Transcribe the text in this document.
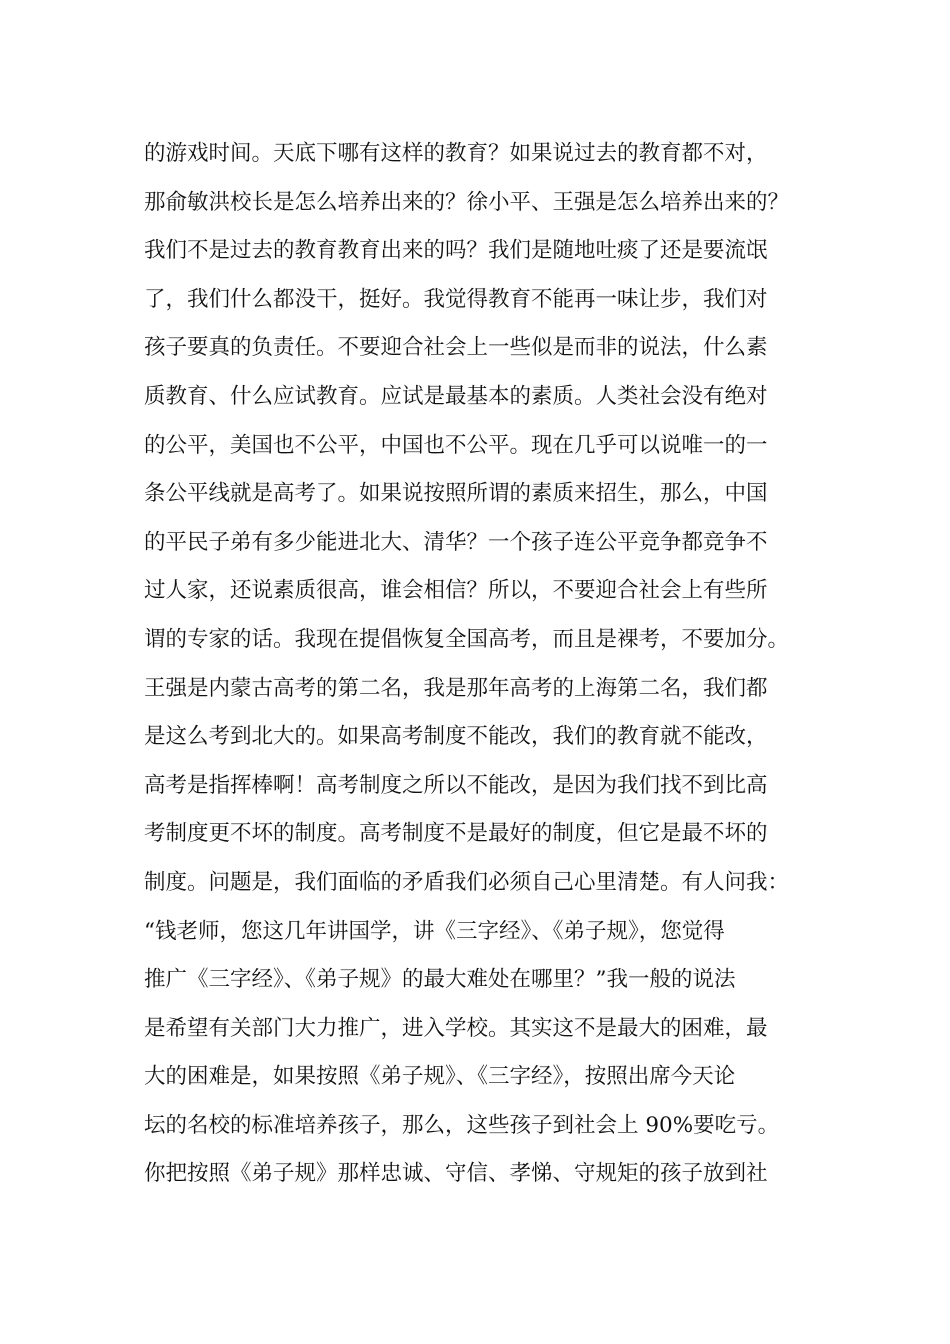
的游戏时间。天底下哪有这样的教育？如果说过去的教育都不对，
那俞敏洪校长是怎么培养出来的？徐小平、王强是怎么培养出来的？
我们不是过去的教育教育出来的吗？我们是随地吐痰了还是要流氓
了，我们什么都没干，挺好。我觉得教育不能再一味让步，我们对
孩子要真的负责任。不要迎合社会上一些似是而非的说法，什么素
质教育、什么应试教育。应试是最基本的素质。人类社会没有绝对
的公平，美国也不公平，中国也不公平。现在几乎可以说唯一的一
条公平线就是高考了。如果说按照所谓的素质来招生，那么，中国
的平民子弟有多少能进北大、清华？一个孩子连公平竞争都竞争不
过人家，还说素质很高，谁会相信？所以，不要迎合社会上有些所
谓的专家的话。我现在提倡恢复全国高考，而且是裸考，不要加分。
王强是内蒙古高考的第二名，我是那年高考的上海第二名，我们都
是这么考到北大的。如果高考制度不能改，我们的教育就不能改，
高考是指挥棒啊！高考制度之所以不能改，是因为我们找不到比高
考制度更不坏的制度。高考制度不是最好的制度，但它是最不坏的
制度。问题是，我们面临的矛盾我们必须自己心里清楚。有人问我：
“钱老师，您这几年讲国学，讲《三字经》、《弟子规》，您觉得
推广《三字经》、《弟子规》的最大难处在哪里？”我一般的说法
是希望有关部门大力推广，进入学校。其实这不是最大的困难，最
大的困难是，如果按照《弟子规》、《三字经》，按照出席今天论
坛的名校的标准培养孩子，那么，这些孩子到社会上 90%要吃亏。
你把按照《弟子规》那样忠诚、守信、孝悌、守规矩的孩子放到社
